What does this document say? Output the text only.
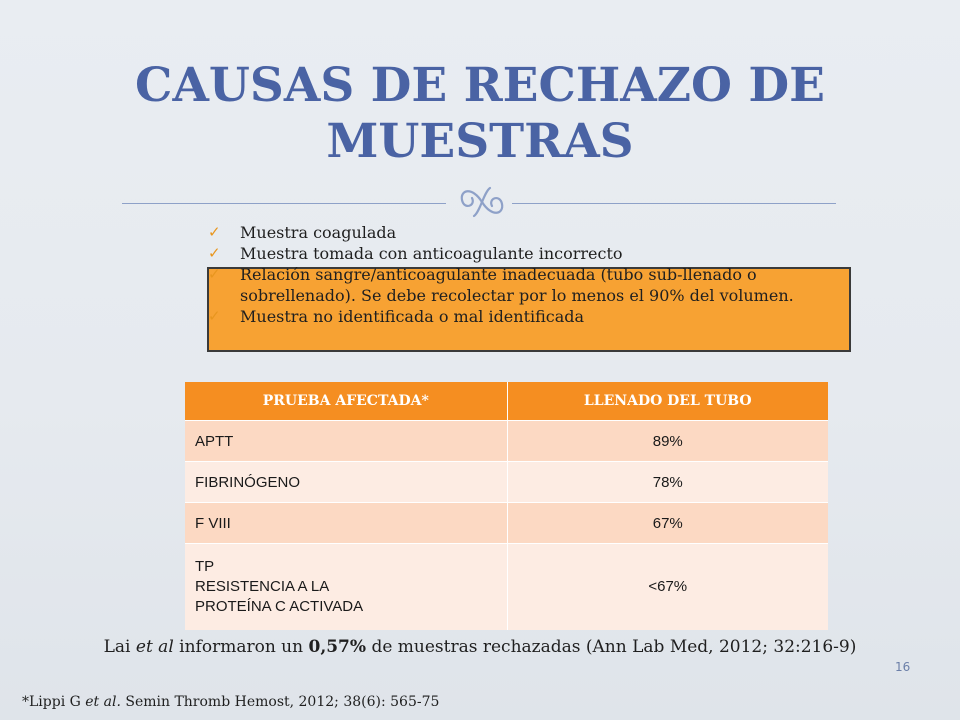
CAUSAS DE RECHAZO DE
MUESTRAS
✓ Muestra coagulada
✓ Muestra tomada con anticoagulante incorrecto
✓ Relación sangre/anticoagulante inadecuada (tubo sub-llenado o sobrellenado). Se debe recolectar por lo menos el 90% del volumen.
✓ Muestra no identificada o mal identificada
PRUEBA AFECTADA*	LLENADO DEL TUBO
APTT	89%
FIBRINÓGENO	78%
F VIII	67%
TP
RESISTENCIA A LA
PROTEÍNA C ACTIVADA	<67%

Lai et al informaron un 0,57% de muestras rechazadas (Ann Lab Med, 2012; 32:216-9)

16

*Lippi G et al. Semin Thromb Hemost, 2012; 38(6): 565-75
